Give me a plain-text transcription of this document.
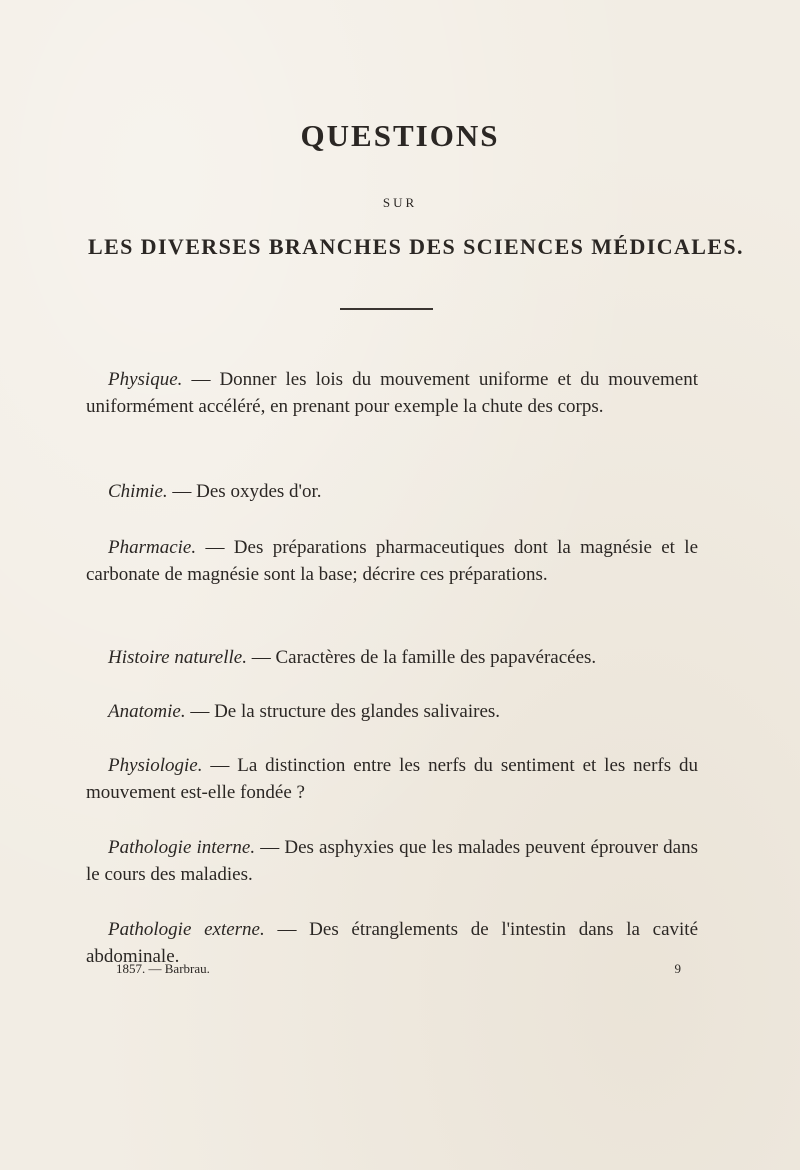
QUESTIONS
SUR
LES DIVERSES BRANCHES DES SCIENCES MÉDICALES.

Physique. — Donner les lois du mouvement uniforme et du mouvement uniformément accéléré, en prenant pour exemple la chute des corps.

Chimie. — Des oxydes d'or.

Pharmacie. — Des préparations pharmaceutiques dont la magnésie et le carbonate de magnésie sont la base; décrire ces préparations.

Histoire naturelle. — Caractères de la famille des papavéracées.

Anatomie. — De la structure des glandes salivaires.

Physiologie. — La distinction entre les nerfs du sentiment et les nerfs du mouvement est-elle fondée ?

Pathologie interne. — Des asphyxies que les malades peuvent éprouver dans le cours des maladies.

Pathologie externe. — Des étranglements de l'intestin dans la cavité abdominale.

1857. — Barbrau.	9
